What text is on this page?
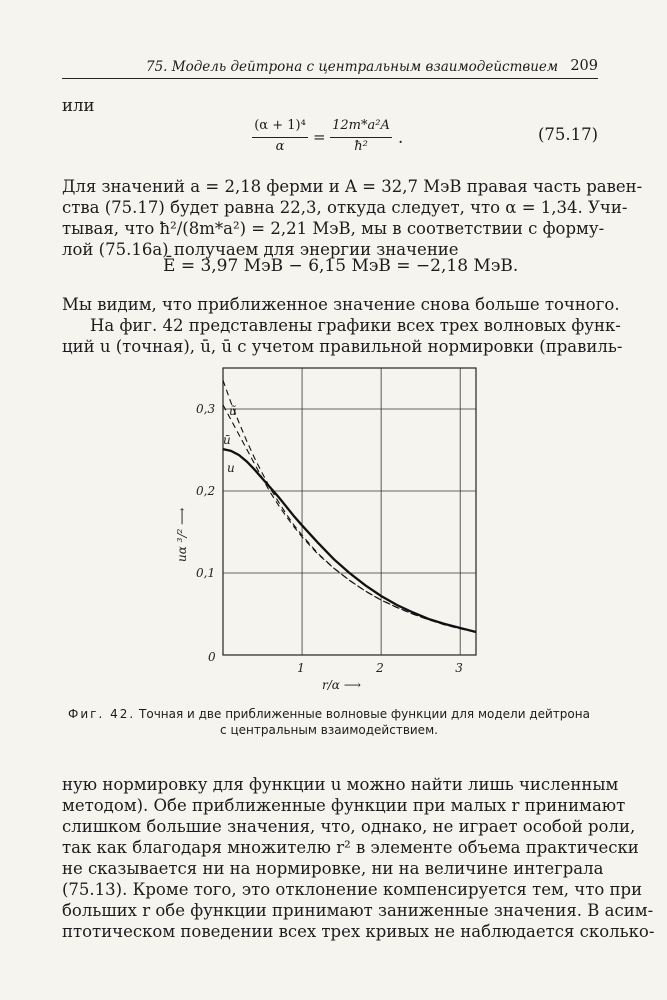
75. Модель дейтрона с центральным взаимодействием 209
или
(α + 1)⁴
α
=
12m*a²A
ħ²	.	(75.17)
Для значений a = 2,18 ферми и A = 32,7 МэВ правая часть равен-
ства (75.17) будет равна 22,3, откуда следует, что α = 1,34. Учи-
тывая, что ħ²/(8m*a²) = 2,21 МэВ, мы в соответствии с форму-
лой (75.16а) получаем для энергии значение
Ē = 3,97 МэВ − 6,15 МэВ = −2,18 МэВ.
Мы видим, что приближенное значение снова больше точного.
На фиг. 42 представлены графики всех трех волновых функ-
ций u (точная), ū, ū с учетом правильной нормировки (правиль-
1	2	3
0,1
0,2
0,3
0
ũ
ū
u
r/α ⟶
uα ³/² ⟶
Фиг. 42. Точная и две приближенные волновые функции для модели дейтрона
с центральным взаимодействием.
ную нормировку для функции u можно найти лишь численным
методом). Обе приближенные функции при малых r принимают
слишком большие значения, что, однако, не играет особой роли,
так как благодаря множителю r² в элементе объема практически
не сказывается ни на нормировке, ни на величине интеграла
(75.13). Кроме того, это отклонение компенсируется тем, что при
больших r обе функции принимают заниженные значения. В асим-
птотическом поведении всех трех кривых не наблюдается сколько-
